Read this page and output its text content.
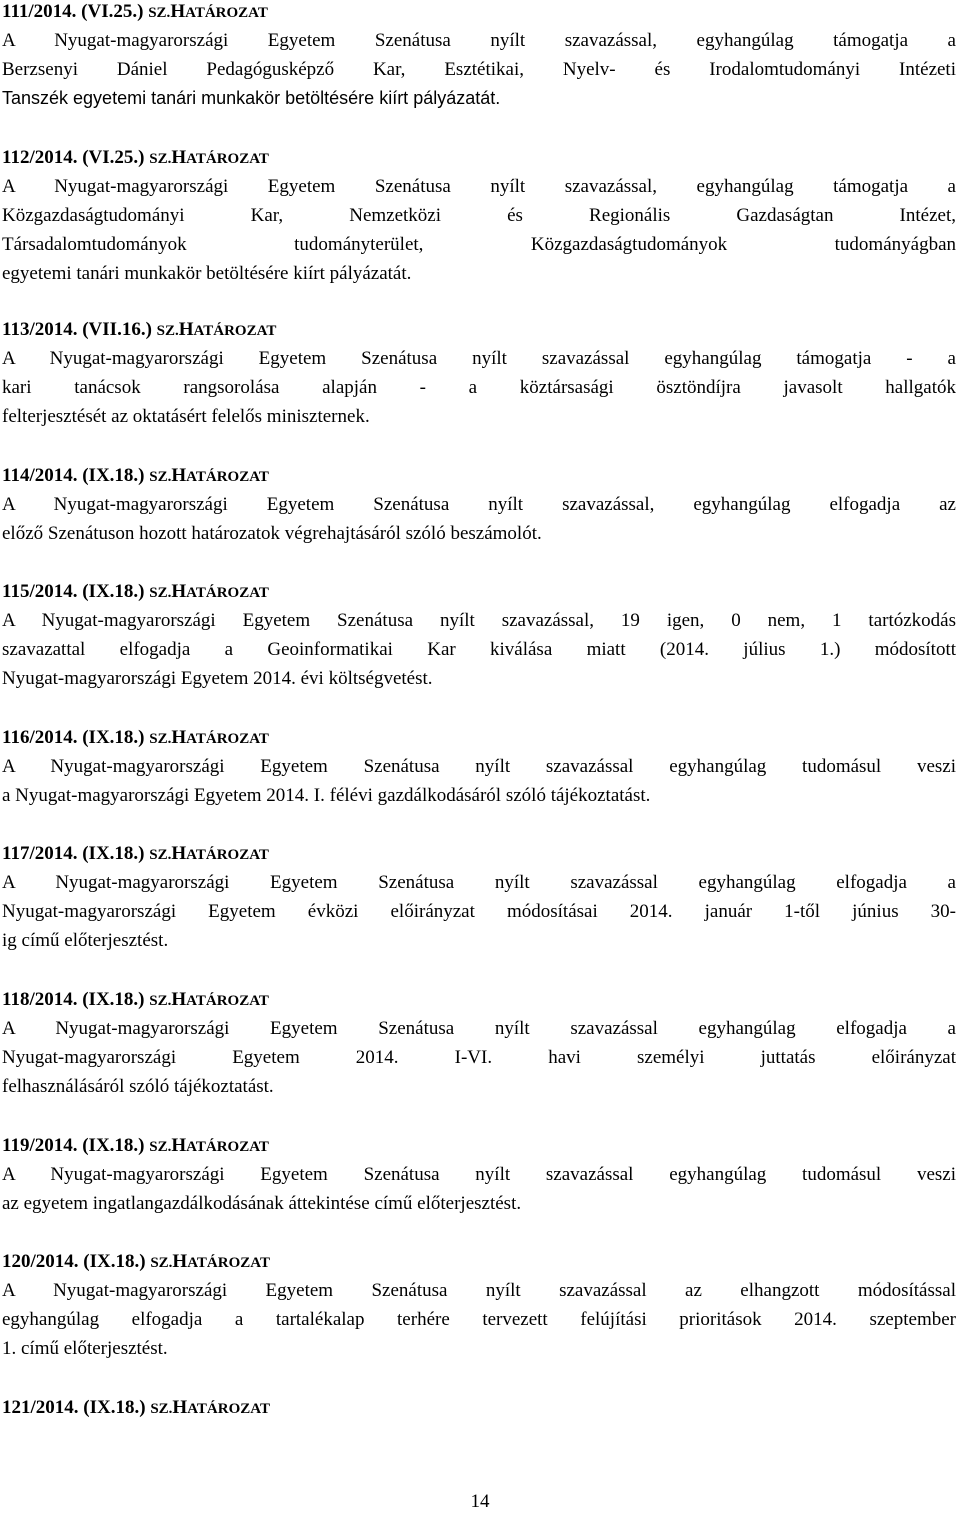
111/2014. (VI.25.) SZ.HATÁROZAT
A Nyugat-magyarországi Egyetem Szenátusa nyílt szavazással, egyhangúlag támogatja a
Berzsenyi Dániel Pedagógusképző Kar, Esztétikai, Nyelv- és Irodalomtudományi Intézeti
Tanszék egyetemi tanári munkakör betöltésére kiírt pályázatát.
112/2014. (VI.25.) SZ.HATÁROZAT
A Nyugat-magyarországi Egyetem Szenátusa nyílt szavazással, egyhangúlag támogatja a
Közgazdaságtudományi Kar, Nemzetközi és Regionális Gazdaságtan Intézet,
Társadalomtudományok tudományterület, Közgazdaságtudományok tudományágban
egyetemi tanári munkakör betöltésére kiírt pályázatát.
113/2014. (VII.16.) SZ.HATÁROZAT
A Nyugat-magyarországi Egyetem Szenátusa nyílt szavazással egyhangúlag támogatja - a
kari tanácsok rangsorolása alapján - a köztársasági ösztöndíjra javasolt hallgatók
felterjesztését az oktatásért felelős miniszternek.
114/2014. (IX.18.) SZ.HATÁROZAT
A Nyugat-magyarországi Egyetem Szenátusa nyílt szavazással, egyhangúlag elfogadja az
előző Szenátuson hozott határozatok végrehajtásáról szóló beszámolót.
115/2014. (IX.18.) SZ.HATÁROZAT
A Nyugat-magyarországi Egyetem Szenátusa nyílt szavazással, 19 igen, 0 nem, 1 tartózkodás
szavazattal elfogadja a Geoinformatikai Kar kiválása miatt (2014. július 1.) módosított
Nyugat-magyarországi Egyetem 2014. évi költségvetést.
116/2014. (IX.18.) SZ.HATÁROZAT
A Nyugat-magyarországi Egyetem Szenátusa nyílt szavazással egyhangúlag tudomásul veszi
a Nyugat-magyarországi Egyetem 2014. I. félévi gazdálkodásáról szóló tájékoztatást.
117/2014. (IX.18.) SZ.HATÁROZAT
A Nyugat-magyarországi Egyetem Szenátusa nyílt szavazással egyhangúlag elfogadja a
Nyugat-magyarországi Egyetem évközi előirányzat módosításai 2014. január 1-től június 30-
ig című előterjesztést.
118/2014. (IX.18.) SZ.HATÁROZAT
A Nyugat-magyarországi Egyetem Szenátusa nyílt szavazással egyhangúlag elfogadja a
Nyugat-magyarországi Egyetem 2014. I-VI. havi személyi juttatás előirányzat
felhasználásáról szóló tájékoztatást.
119/2014. (IX.18.) SZ.HATÁROZAT
A Nyugat-magyarországi Egyetem Szenátusa nyílt szavazással egyhangúlag tudomásul veszi
az egyetem ingatlangazdálkodásának áttekintése című előterjesztést.
120/2014. (IX.18.) SZ.HATÁROZAT
A Nyugat-magyarországi Egyetem Szenátusa nyílt szavazással az elhangzott módosítással
egyhangúlag elfogadja a tartalékalap terhére tervezett felújítási prioritások 2014. szeptember
1. című előterjesztést.
121/2014. (IX.18.) SZ.HATÁROZAT
14
